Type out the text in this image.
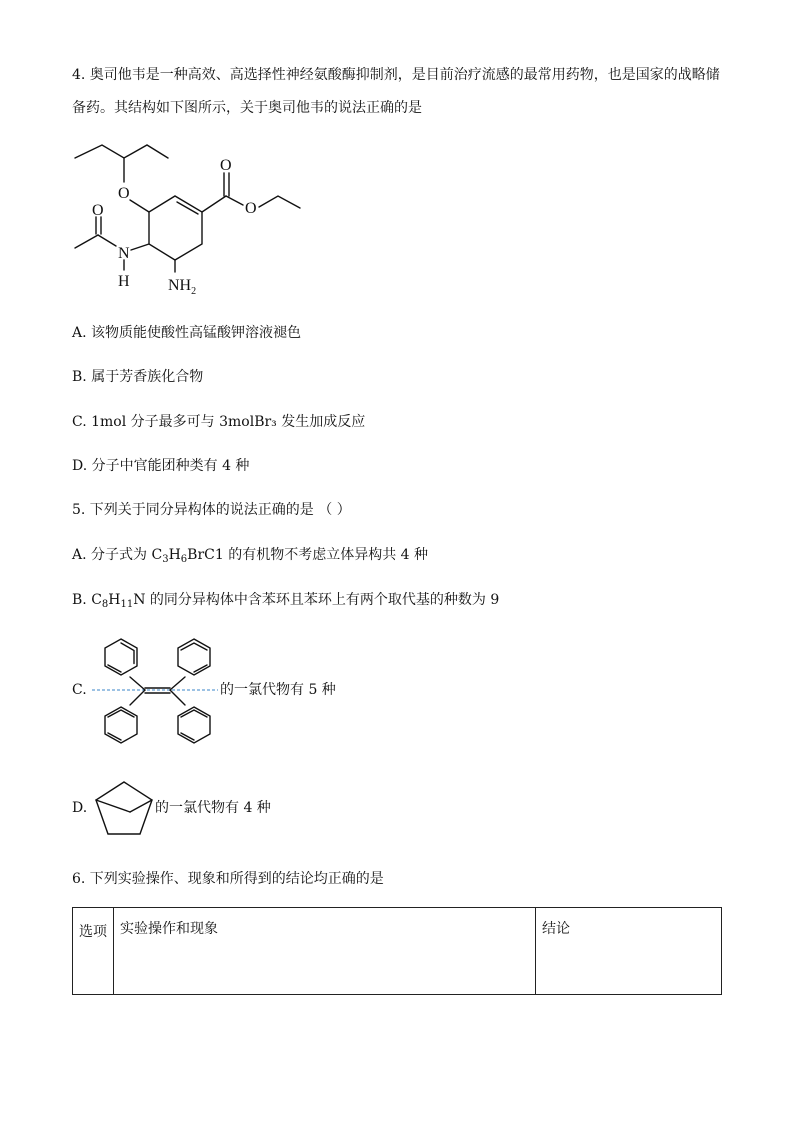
4. 奥司他韦是一种高效、高选择性神经氨酸酶抑制剂，是目前治疗流感的最常用药物，也是国家的战略储
备药。其结构如下图所示，关于奥司他韦的说法正确的是
O
O
O
$NH_2$
N
H
O
A. 该物质能使酸性高锰酸钾溶液褪色
B. 属于芳香族化合物
C. 1mol 分子最多可与 3molBr₃ 发生加成反应
D. 分子中官能团种类有 4 种
5. 下列关于同分异构体的说法正确的是 （ ）
A. 分子式为 $C_3H_6BrC1$ 的有机物不考虑立体异构共 4 种
B. $C_8H_{11}N$ 的同分异构体中含苯环且苯环上有两个取代基的种数为 9
C.	的一氯代物有 5 种
D.	的一氯代物有 4 种
6. 下列实验操作、现象和所得到的结论均正确的是
选项	实验操作和现象	结论
